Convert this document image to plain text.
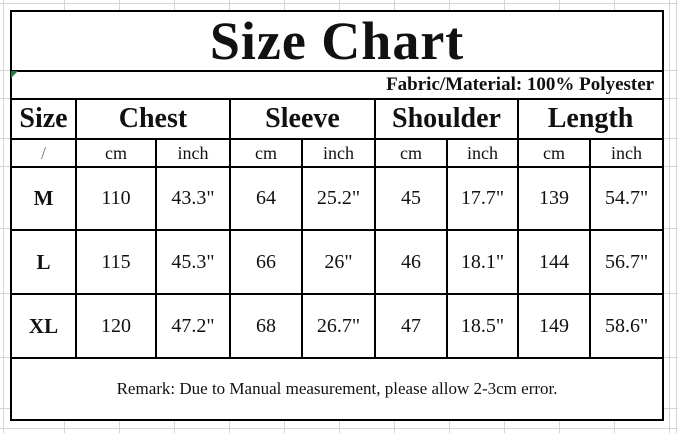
Size Chart								
Fabric/Material: 100% Polyester								
Size	Chest		Sleeve		Shoulder		Length	
/	cm	inch	cm	inch	cm	inch	cm	inch
M	110	43.3"	64	25.2"	45	17.7"	139	54.7"
L	115	45.3"	66	26"	46	18.1"	144	56.7"
XL	120	47.2"	68	26.7"	47	18.5"	149	58.6"
Remark: Due to Manual measurement, please allow 2-3cm error.								
